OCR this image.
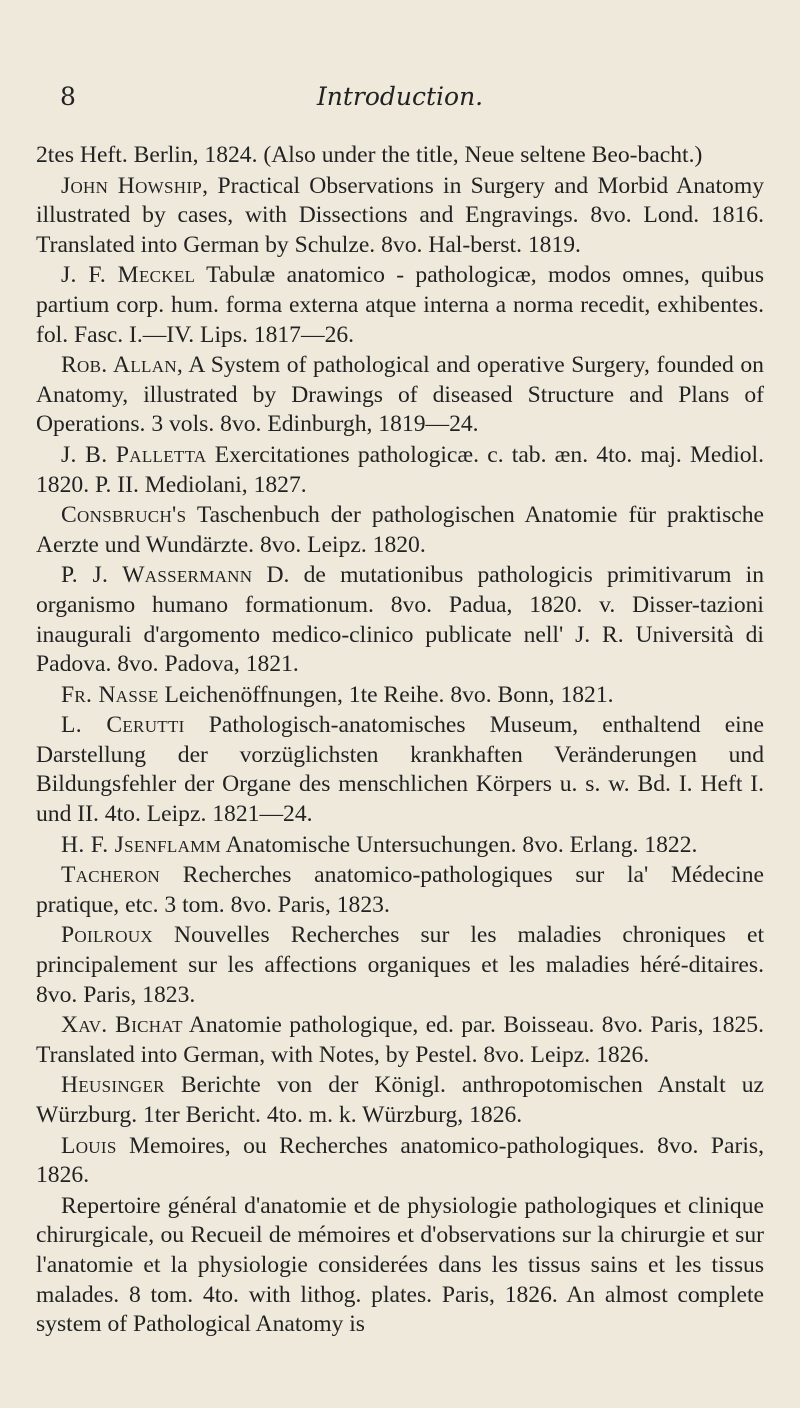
8	Introduction.

2tes Heft. Berlin, 1824. (Also under the title, Neue seltene Beo-bacht.)

John Howship, Practical Observations in Surgery and Morbid Anatomy illustrated by cases, with Dissections and Engravings. 8vo. Lond. 1816. Translated into German by Schulze. 8vo. Hal-berst. 1819.

J. F. Meckel Tabulæ anatomico - pathologicæ, modos omnes, quibus partium corp. hum. forma externa atque interna a norma recedit, exhibentes. fol. Fasc. I.—IV. Lips. 1817—26.

Rob. Allan, A System of pathological and operative Surgery, founded on Anatomy, illustrated by Drawings of diseased Structure and Plans of Operations. 3 vols. 8vo. Edinburgh, 1819—24.

J. B. Palletta Exercitationes pathologicæ. c. tab. æn. 4to. maj. Mediol. 1820. P. II. Mediolani, 1827.

Consbruch's Taschenbuch der pathologischen Anatomie für praktische Aerzte und Wundärzte. 8vo. Leipz. 1820.

P. J. Wassermann D. de mutationibus pathologicis primitivarum in organismo humano formationum. 8vo. Padua, 1820. v. Disser-tazioni inaugurali d'argomento medico-clinico publicate nell' J. R. Università di Padova. 8vo. Padova, 1821.

Fr. Nasse Leichenöffnungen, 1te Reihe. 8vo. Bonn, 1821.

L. Cerutti Pathologisch-anatomisches Museum, enthaltend eine Darstellung der vorzüglichsten krankhaften Veränderungen und Bildungsfehler der Organe des menschlichen Körpers u. s. w. Bd. I. Heft I. und II. 4to. Leipz. 1821—24.

H. F. Jsenflamm Anatomische Untersuchungen. 8vo. Erlang. 1822.

Tacheron Recherches anatomico-pathologiques sur la' Médecine pratique, etc. 3 tom. 8vo. Paris, 1823.

Poilroux Nouvelles Recherches sur les maladies chroniques et principalement sur les affections organiques et les maladies héré-ditaires. 8vo. Paris, 1823.

Xav. Bichat Anatomie pathologique, ed. par. Boisseau. 8vo. Paris, 1825. Translated into German, with Notes, by Pestel. 8vo. Leipz. 1826.

Heusinger Berichte von der Königl. anthropotomischen Anstalt uz Würzburg. 1ter Bericht. 4to. m. k. Würzburg, 1826.

Louis Memoires, ou Recherches anatomico-pathologiques. 8vo. Paris, 1826.

Repertoire général d'anatomie et de physiologie pathologiques et clinique chirurgicale, ou Recueil de mémoires et d'observations sur la chirurgie et sur l'anatomie et la physiologie considerées dans les tissus sains et les tissus malades. 8 tom. 4to. with lithog. plates. Paris, 1826. An almost complete system of Pathological Anatomy is
